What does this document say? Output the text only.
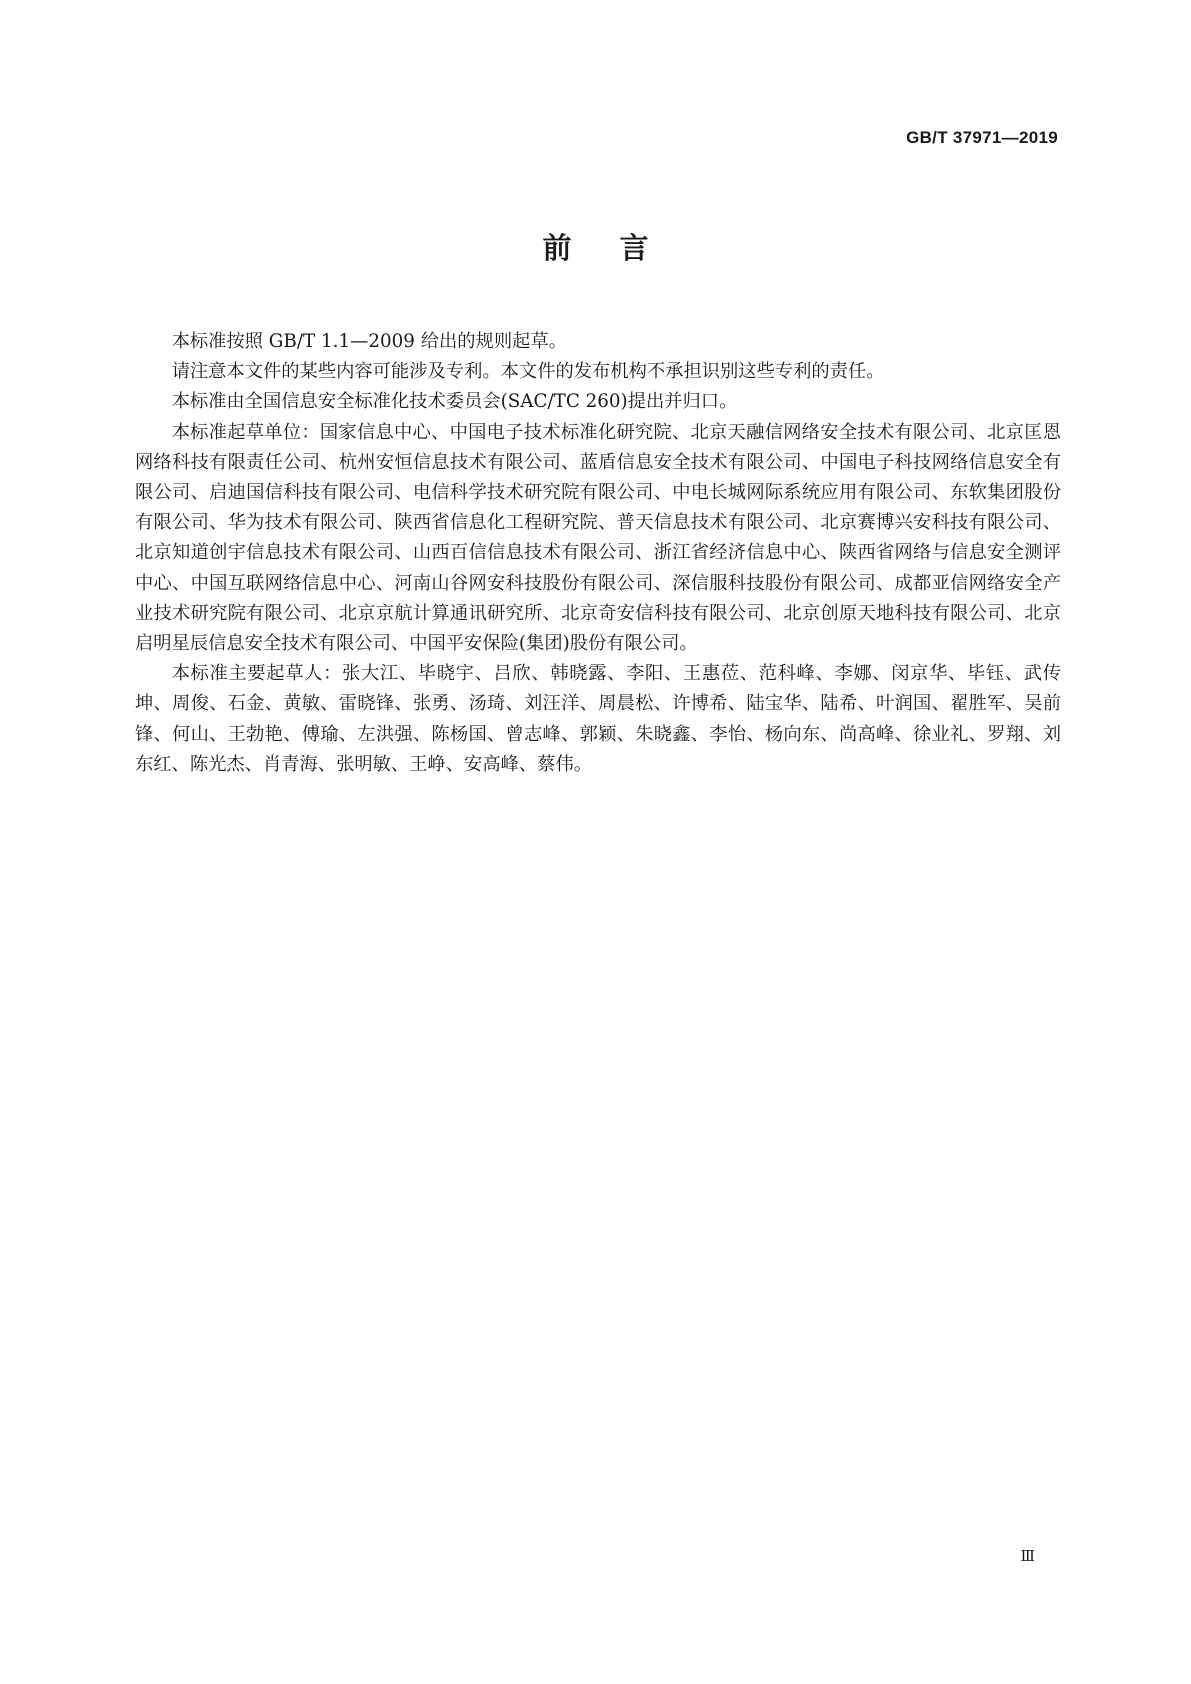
GB/T 37971—2019
前言

本标准按照 GB/T 1.1—2009 给出的规则起草。

请注意本文件的某些内容可能涉及专利。本文件的发布机构不承担识别这些专利的责任。

本标准由全国信息安全标准化技术委员会(SAC/TC 260)提出并归口。

本标准起草单位：国家信息中心、中国电子技术标准化研究院、北京天融信网络安全技术有限公司、北京匡恩网络科技有限责任公司、杭州安恒信息技术有限公司、蓝盾信息安全技术有限公司、中国电子科技网络信息安全有限公司、启迪国信科技有限公司、电信科学技术研究院有限公司、中电长城网际系统应用有限公司、东软集团股份有限公司、华为技术有限公司、陕西省信息化工程研究院、普天信息技术有限公司、北京赛博兴安科技有限公司、北京知道创宇信息技术有限公司、山西百信信息技术有限公司、浙江省经济信息中心、陕西省网络与信息安全测评中心、中国互联网络信息中心、河南山谷网安科技股份有限公司、深信服科技股份有限公司、成都亚信网络安全产业技术研究院有限公司、北京京航计算通讯研究所、北京奇安信科技有限公司、北京创原天地科技有限公司、北京启明星辰信息安全技术有限公司、中国平安保险(集团)股份有限公司。

本标准主要起草人：张大江、毕晓宇、吕欣、韩晓露、李阳、王惠莅、范科峰、李娜、闵京华、毕钰、武传坤、周俊、石金、黄敏、雷晓锋、张勇、汤琦、刘汪洋、周晨松、许博希、陆宝华、陆希、叶润国、翟胜军、吴前锋、何山、王勃艳、傅瑜、左洪强、陈杨国、曾志峰、郭颖、朱晓鑫、李怡、杨向东、尚高峰、徐业礼、罗翔、刘东红、陈光杰、肖青海、张明敏、王峥、安高峰、蔡伟。

Ⅲ
